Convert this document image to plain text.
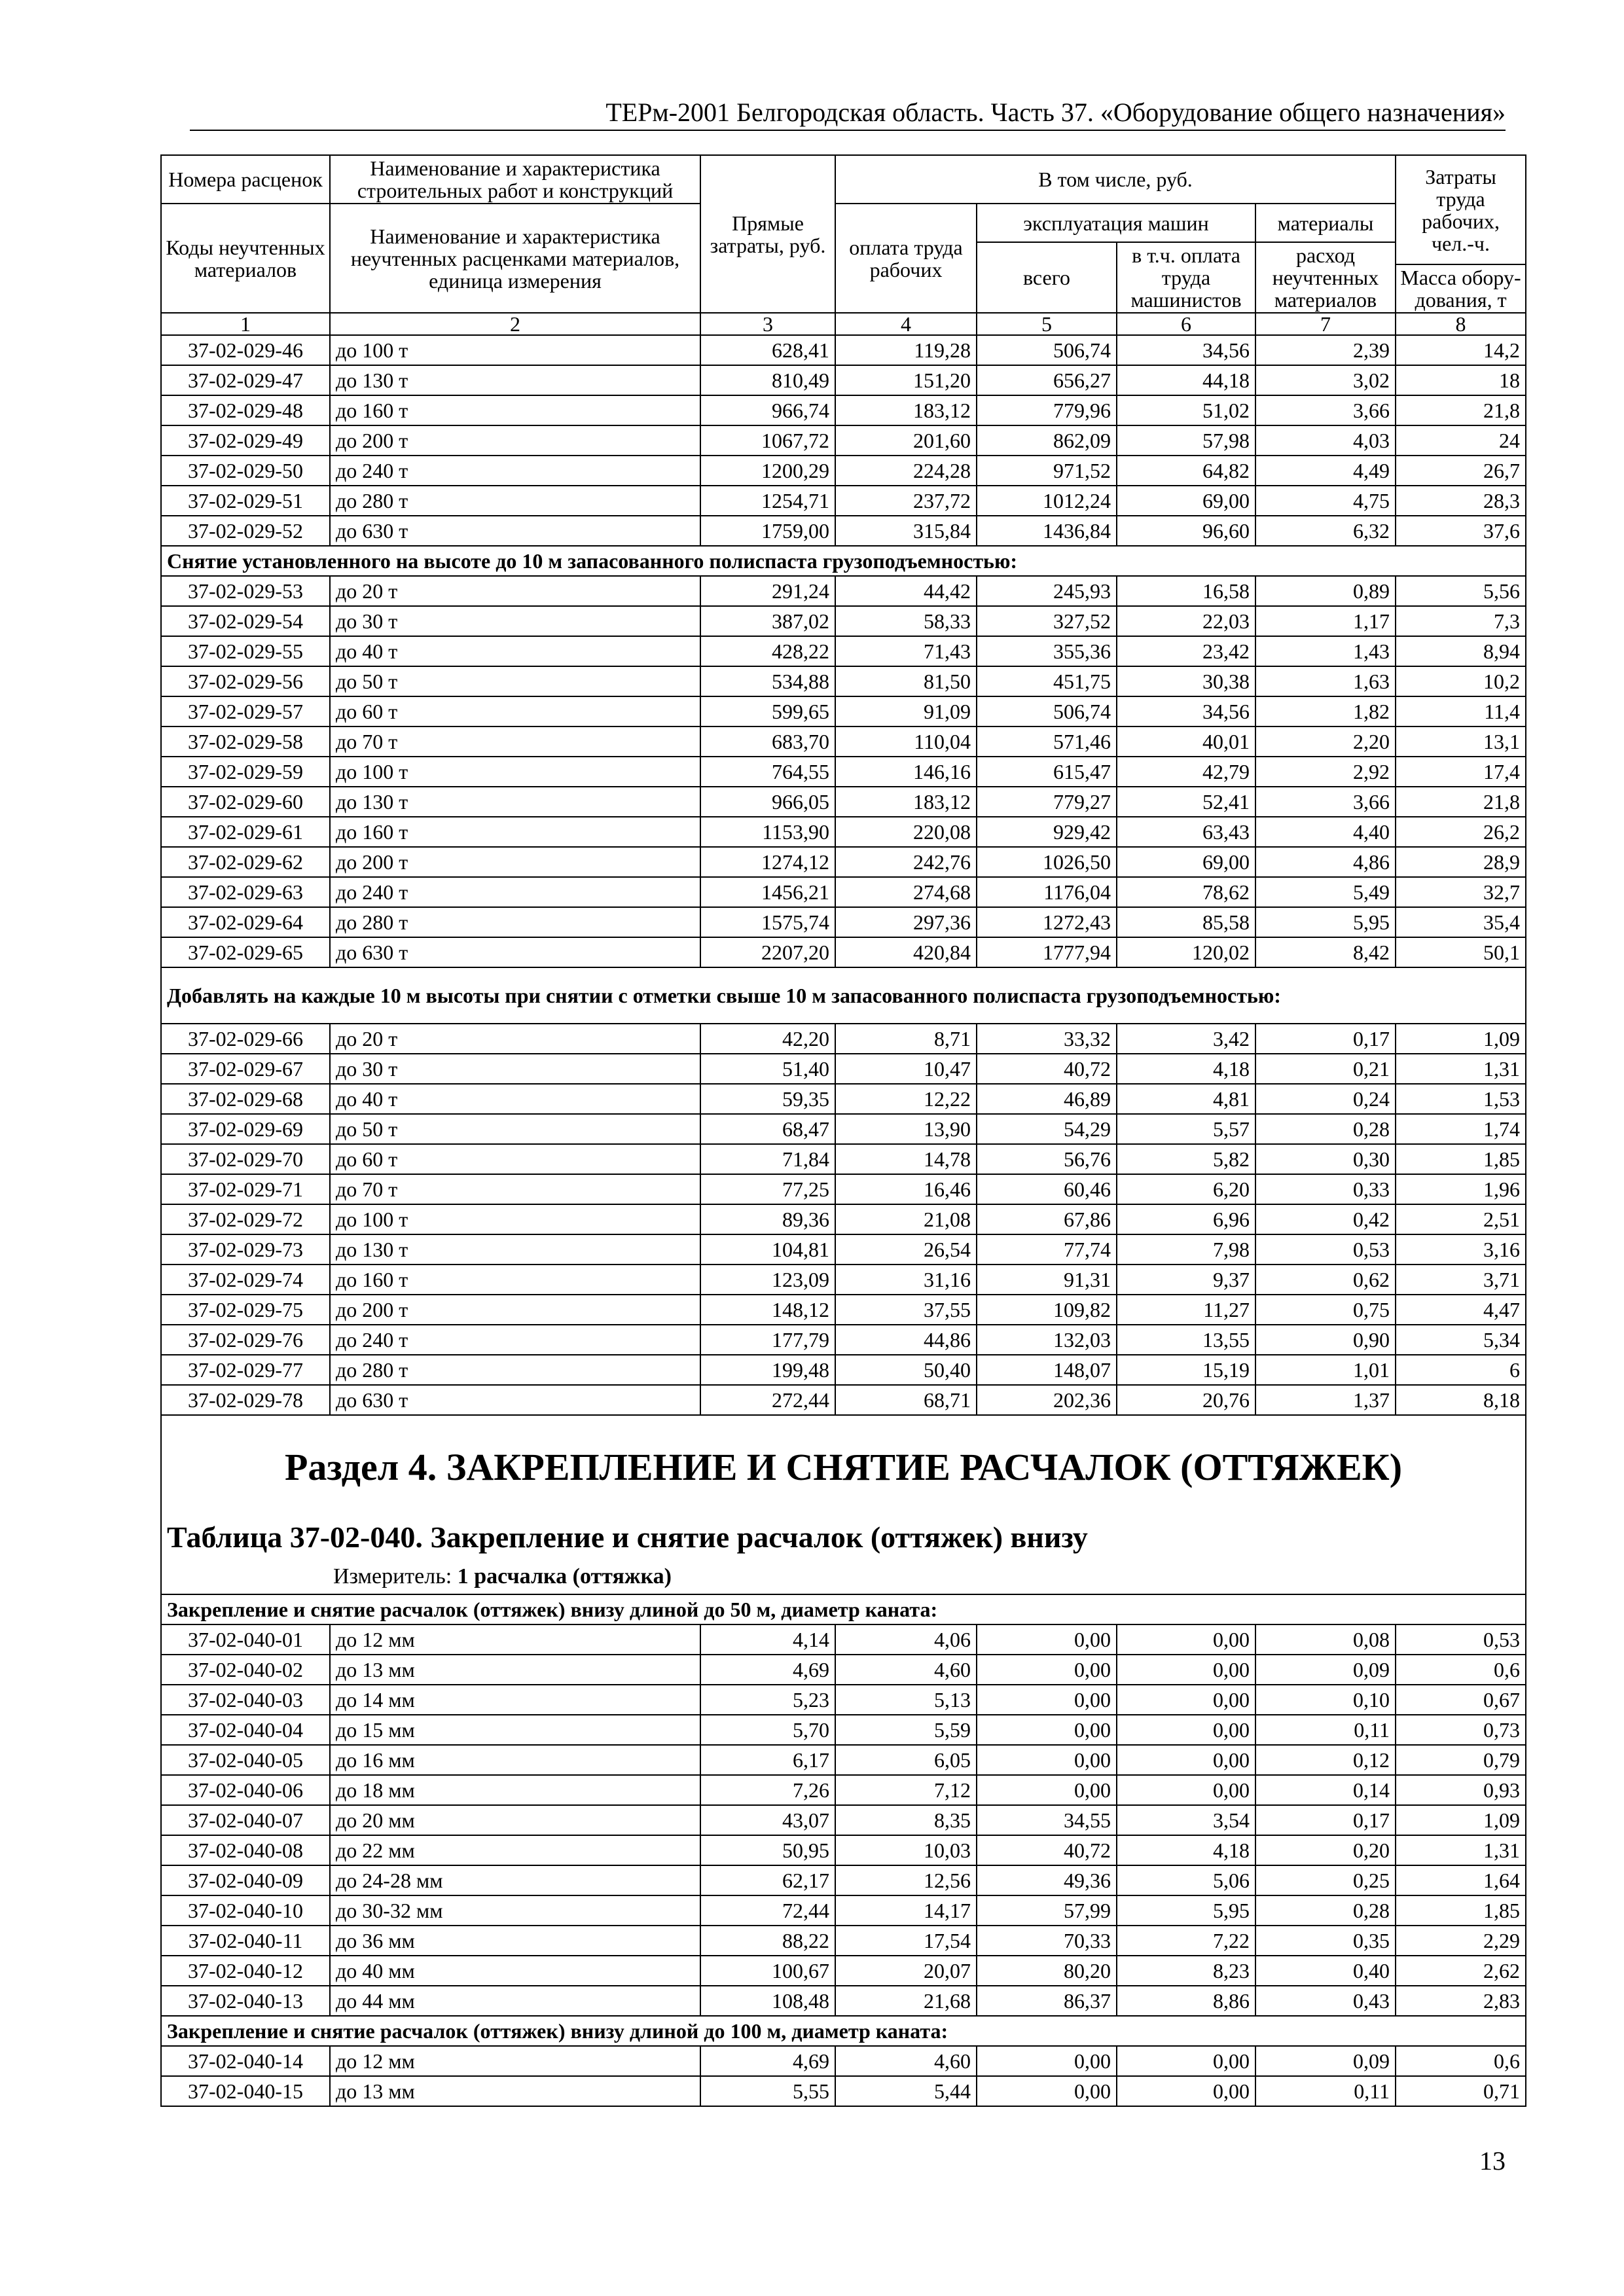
ТЕРм-2001 Белгородская область. Часть 37. «Оборудование общего назначения»
Номера расценок	Наименование и характеристика строительных работ и конструкций	Прямые затраты, руб.	В том числе, руб.				Затраты труда рабочих, чел.-ч.
Коды неучтенных материалов	Наименование и характеристика неучтенных расценками материалов, единица измерения		оплата труда рабочих	эксплуатация машин		материалы	
				всего	в т.ч. оплата труда машинистов	расход неучтенных материалов	
							Масса обору-дования, т
1	2	3	4	5	6	7	8
37-02-029-46	до 100 т	628,41	119,28	506,74	34,56	2,39	14,2
37-02-029-47	до 130 т	810,49	151,20	656,27	44,18	3,02	18
37-02-029-48	до 160 т	966,74	183,12	779,96	51,02	3,66	21,8
37-02-029-49	до 200 т	1067,72	201,60	862,09	57,98	4,03	24
37-02-029-50	до 240 т	1200,29	224,28	971,52	64,82	4,49	26,7
37-02-029-51	до 280 т	1254,71	237,72	1012,24	69,00	4,75	28,3
37-02-029-52	до 630 т	1759,00	315,84	1436,84	96,60	6,32	37,6
Снятие установленного на высоте до 10 м запасованного полиспаста грузоподъемностью:							
37-02-029-53	до 20 т	291,24	44,42	245,93	16,58	0,89	5,56
37-02-029-54	до 30 т	387,02	58,33	327,52	22,03	1,17	7,3
37-02-029-55	до 40 т	428,22	71,43	355,36	23,42	1,43	8,94
37-02-029-56	до 50 т	534,88	81,50	451,75	30,38	1,63	10,2
37-02-029-57	до 60 т	599,65	91,09	506,74	34,56	1,82	11,4
37-02-029-58	до 70 т	683,70	110,04	571,46	40,01	2,20	13,1
37-02-029-59	до 100 т	764,55	146,16	615,47	42,79	2,92	17,4
37-02-029-60	до 130 т	966,05	183,12	779,27	52,41	3,66	21,8
37-02-029-61	до 160 т	1153,90	220,08	929,42	63,43	4,40	26,2
37-02-029-62	до 200 т	1274,12	242,76	1026,50	69,00	4,86	28,9
37-02-029-63	до 240 т	1456,21	274,68	1176,04	78,62	5,49	32,7
37-02-029-64	до 280 т	1575,74	297,36	1272,43	85,58	5,95	35,4
37-02-029-65	до 630 т	2207,20	420,84	1777,94	120,02	8,42	50,1
Добавлять на каждые 10 м высоты при снятии с отметки свыше 10 м запасованного полиспаста грузоподъемностью:							
37-02-029-66	до 20 т	42,20	8,71	33,32	3,42	0,17	1,09
37-02-029-67	до 30 т	51,40	10,47	40,72	4,18	0,21	1,31
37-02-029-68	до 40 т	59,35	12,22	46,89	4,81	0,24	1,53
37-02-029-69	до 50 т	68,47	13,90	54,29	5,57	0,28	1,74
37-02-029-70	до 60 т	71,84	14,78	56,76	5,82	0,30	1,85
37-02-029-71	до 70 т	77,25	16,46	60,46	6,20	0,33	1,96
37-02-029-72	до 100 т	89,36	21,08	67,86	6,96	0,42	2,51
37-02-029-73	до 130 т	104,81	26,54	77,74	7,98	0,53	3,16
37-02-029-74	до 160 т	123,09	31,16	91,31	9,37	0,62	3,71
37-02-029-75	до 200 т	148,12	37,55	109,82	11,27	0,75	4,47
37-02-029-76	до 240 т	177,79	44,86	132,03	13,55	0,90	5,34
37-02-029-77	до 280 т	199,48	50,40	148,07	15,19	1,01	6
37-02-029-78	до 630 т	272,44	68,71	202,36	20,76	1,37	8,18

Раздел 4. ЗАКРЕПЛЕНИЕ И СНЯТИЕ РАСЧАЛОК (ОТТЯЖЕК)
Таблица 37-02-040. Закрепление и снятие расчалок (оттяжек) внизу
Измеритель: 1 расчалка (оттяжка)							

Закрепление и снятие расчалок (оттяжек) внизу длиной до 50 м, диаметр каната:							
37-02-040-01	до 12 мм	4,14	4,06	0,00	0,00	0,08	0,53
37-02-040-02	до 13 мм	4,69	4,60	0,00	0,00	0,09	0,6
37-02-040-03	до 14 мм	5,23	5,13	0,00	0,00	0,10	0,67
37-02-040-04	до 15 мм	5,70	5,59	0,00	0,00	0,11	0,73
37-02-040-05	до 16 мм	6,17	6,05	0,00	0,00	0,12	0,79
37-02-040-06	до 18 мм	7,26	7,12	0,00	0,00	0,14	0,93
37-02-040-07	до 20 мм	43,07	8,35	34,55	3,54	0,17	1,09
37-02-040-08	до 22 мм	50,95	10,03	40,72	4,18	0,20	1,31
37-02-040-09	до 24-28 мм	62,17	12,56	49,36	5,06	0,25	1,64
37-02-040-10	до 30-32 мм	72,44	14,17	57,99	5,95	0,28	1,85
37-02-040-11	до 36 мм	88,22	17,54	70,33	7,22	0,35	2,29
37-02-040-12	до 40 мм	100,67	20,07	80,20	8,23	0,40	2,62
37-02-040-13	до 44 мм	108,48	21,68	86,37	8,86	0,43	2,83
Закрепление и снятие расчалок (оттяжек) внизу длиной до 100 м, диаметр каната:							
37-02-040-14	до 12 мм	4,69	4,60	0,00	0,00	0,09	0,6
37-02-040-15	до 13 мм	5,55	5,44	0,00	0,00	0,11	0,71
13
